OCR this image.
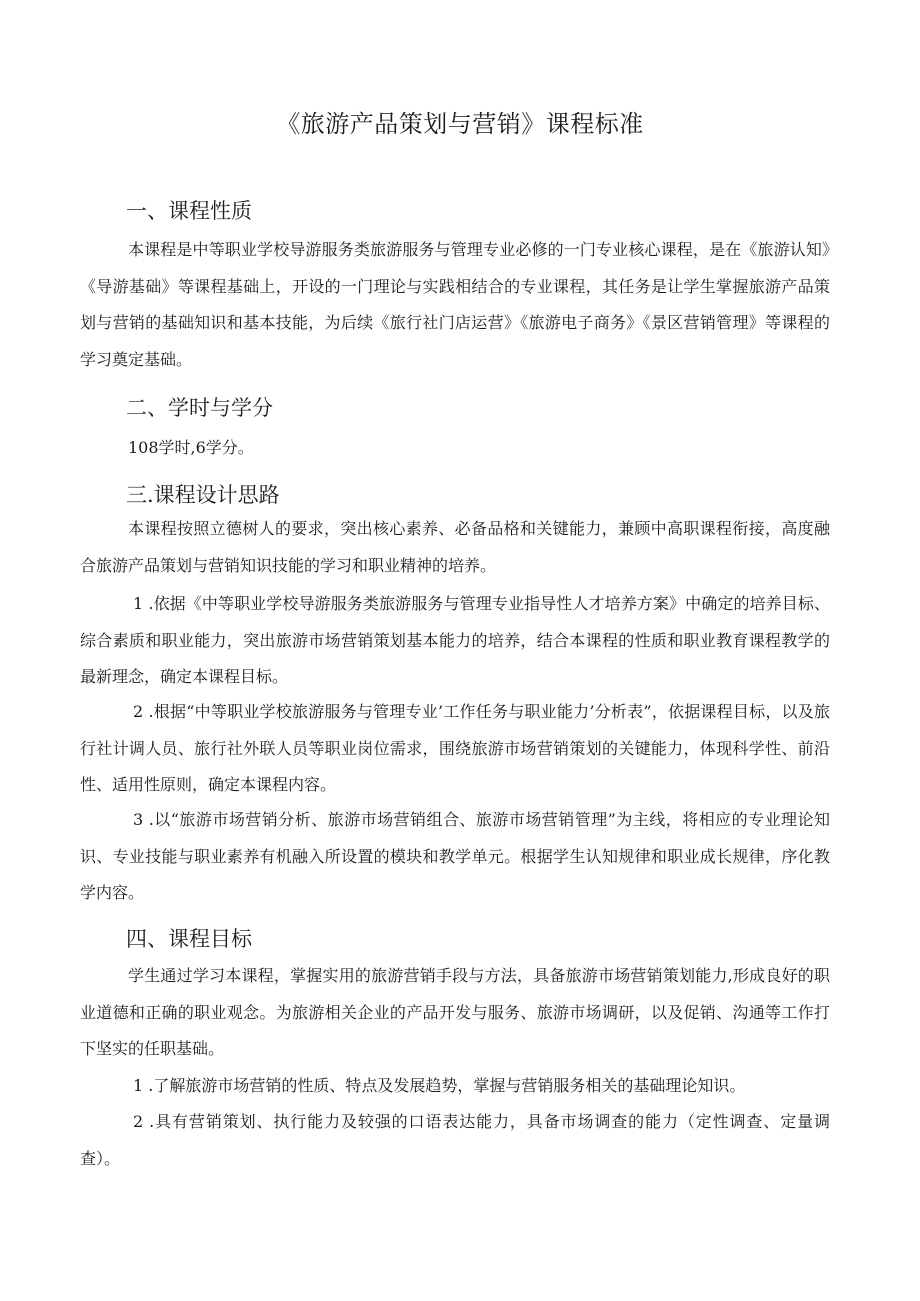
《旅游产品策划与营销》课程标准
一、课程性质

本课程是中等职业学校导游服务类旅游服务与管理专业必修的一门专业核心课程，是在《旅游认知》《导游基础》等课程基础上，开设的一门理论与实践相结合的专业课程，其任务是让学生掌握旅游产品策划与营销的基础知识和基本技能，为后续《旅行社门店运营》《旅游电子商务》《景区营销管理》等课程的学习奠定基础。

二、学时与学分

108学时,6学分。

三.课程设计思路

本课程按照立德树人的要求，突出核心素养、必备品格和关键能力，兼顾中高职课程衔接，高度融合旅游产品策划与营销知识技能的学习和职业精神的培养。

1 .依据《中等职业学校导游服务类旅游服务与管理专业指导性人才培养方案》中确定的培养目标、综合素质和职业能力，突出旅游市场营销策划基本能力的培养，结合本课程的性质和职业教育课程教学的最新理念，确定本课程目标。

2 .根据“中等职业学校旅游服务与管理专业’工作任务与职业能力’分析表”，依据课程目标，以及旅行社计调人员、旅行社外联人员等职业岗位需求，围绕旅游市场营销策划的关键能力，体现科学性、前沿性、适用性原则，确定本课程内容。

3 .以“旅游市场营销分析、旅游市场营销组合、旅游市场营销管理”为主线，将相应的专业理论知识、专业技能与职业素养有机融入所设置的模块和教学单元。根据学生认知规律和职业成长规律，序化教学内容。

四、课程目标

学生通过学习本课程，掌握实用的旅游营销手段与方法，具备旅游市场营销策划能力,形成良好的职业道德和正确的职业观念。为旅游相关企业的产品开发与服务、旅游市场调研，以及促销、沟通等工作打下坚实的任职基础。

1 .了解旅游市场营销的性质、特点及发展趋势，掌握与营销服务相关的基础理论知识。

2 .具有营销策划、执行能力及较强的口语表达能力，具备市场调查的能力（定性调查、定量调查）。
